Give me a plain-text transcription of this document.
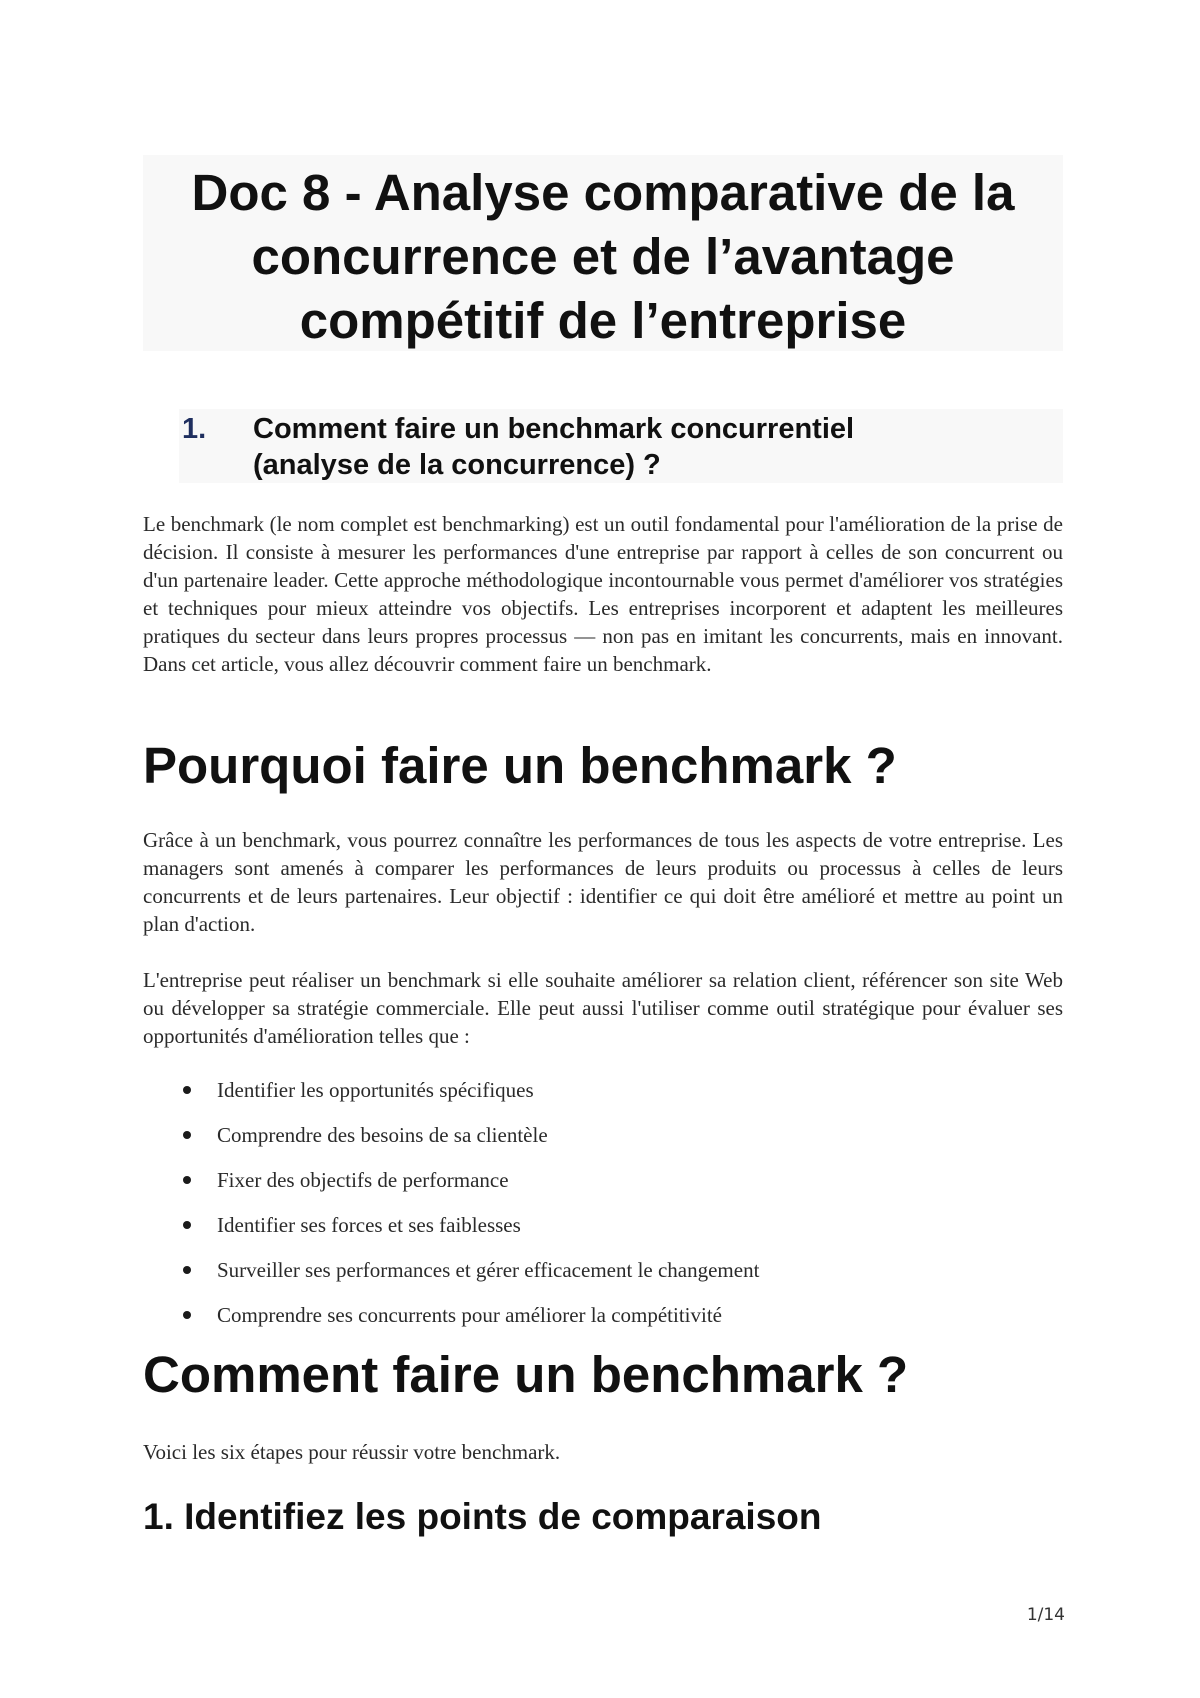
Doc 8 - Analyse comparative de la
concurrence et de l’avantage
compétitif de l’entreprise
1. Comment faire un benchmark concurrentiel
(analyse de la concurrence) ?

Le benchmark (le nom complet est benchmarking) est un outil fondamental pour l'amélioration de la prise de décision. Il consiste à mesurer les performances d'une entreprise par rapport à celles de son concurrent ou d'un partenaire leader. Cette approche méthodologique incontournable vous permet d'améliorer vos stratégies et techniques pour mieux atteindre vos objectifs. Les entreprises incorporent et adaptent les meilleures pratiques du secteur dans leurs propres processus — non pas en imitant les concurrents, mais en innovant. Dans cet article, vous allez découvrir comment faire un benchmark.

Pourquoi faire un benchmark ?

Grâce à un benchmark, vous pourrez connaître les performances de tous les aspects de votre entreprise. Les managers sont amenés à comparer les performances de leurs produits ou processus à celles de leurs concurrents et de leurs partenaires. Leur objectif : identifier ce qui doit être amélioré et mettre au point un plan d'action.

L'entreprise peut réaliser un benchmark si elle souhaite améliorer sa relation client, référencer son site Web ou développer sa stratégie commerciale. Elle peut aussi l'utiliser comme outil stratégique pour évaluer ses opportunités d'amélioration telles que :

Identifier les opportunités spécifiques
Comprendre des besoins de sa clientèle
Fixer des objectifs de performance
Identifier ses forces et ses faiblesses
Surveiller ses performances et gérer efficacement le changement
Comprendre ses concurrents pour améliorer la compétitivité
Comment faire un benchmark ?

Voici les six étapes pour réussir votre benchmark.

1. Identifiez les points de comparaison
1/14
